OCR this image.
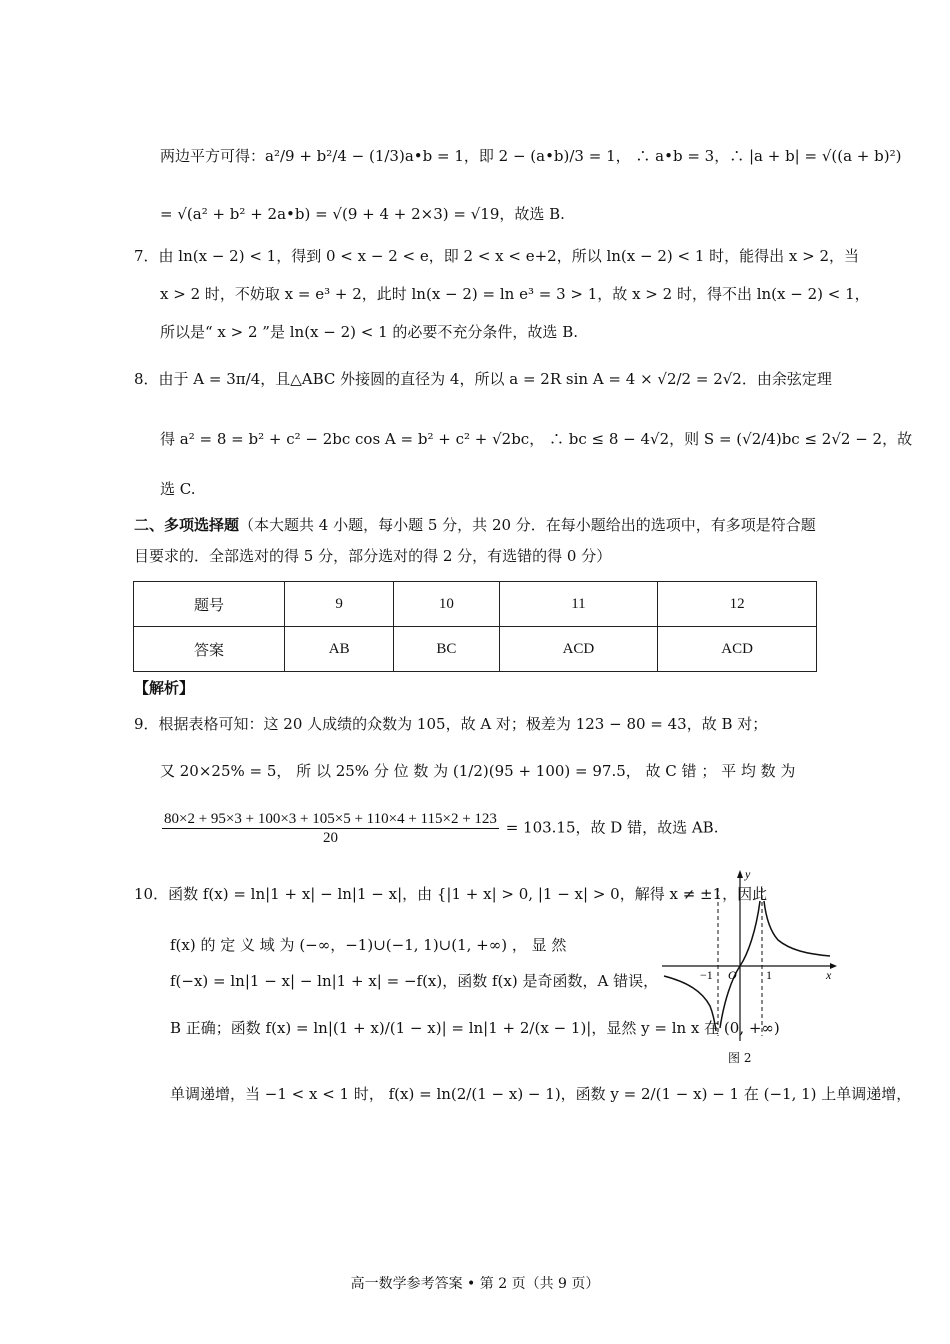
两边平方可得：a²/9 + b²/4 − (1/3)a•b = 1，即 2 − (a•b)/3 = 1， ∴ a•b = 3，∴ |a + b| = √((a + b)²)
= √(a² + b² + 2a•b) = √(9 + 4 + 2×3) = √19，故选 B.
7．由 ln(x − 2) < 1，得到 0 < x − 2 < e，即 2 < x < e+2，所以 ln(x − 2) < 1 时，能得出 x > 2，当
x > 2 时，不妨取 x = e³ + 2，此时 ln(x − 2) = ln e³ = 3 > 1，故 x > 2 时，得不出 ln(x − 2) < 1，
所以是“ x > 2 ”是 ln(x − 2) < 1 的必要不充分条件，故选 B.
8．由于 A = 3π/4，且△ABC 外接圆的直径为 4，所以 a = 2R sin A = 4 × √2/2 = 2√2．由余弦定理
得 a² = 8 = b² + c² − 2bc cos A = b² + c² + √2bc， ∴ bc ≤ 8 − 4√2，则 S = (√2/4)bc ≤ 2√2 − 2，故
选 C.
二、多项选择题（本大题共 4 小题，每小题 5 分，共 20 分．在每小题给出的选项中，有多项是符合题目要求的．全部选对的得 5 分，部分选对的得 2 分，有选错的得 0 分）
题号	9	10	11	12
答案	AB	BC	ACD	ACD
【解析】
9．根据表格可知：这 20 人成绩的众数为 105，故 A 对；极差为 123 − 80 = 43，故 B 对；
又 20×25% = 5， 所 以 25% 分 位 数 为 (1/2)(95 + 100) = 97.5， 故 C 错 ； 平 均 数 为
$\frac{80\times 2 + 95\times 3 + 100\times 3 + 105\times 5 + 110\times 4 + 115\times 2 + 123}{20} = 103.15$，故 D 错，故选 AB.
10．函数 f(x) = ln|1 + x| − ln|1 − x|，由 {|1 + x| > 0, |1 − x| > 0，解得 x ≠ ±1，因此
f(x) 的 定 义 域 为 (−∞，−1)∪(−1, 1)∪(1, +∞) ， 显 然
f(−x) = ln|1 − x| − ln|1 + x| = −f(x)，函数 f(x) 是奇函数，A 错误，
B 正确；函数 f(x) = ln|(1 + x)/(1 − x)| = ln|1 + 2/(x − 1)|，显然 y = ln x 在 (0, +∞)
单调递增，当 −1 < x < 1 时， f(x) = ln(2/(1 − x) − 1)，函数 y = 2/(1 − x) − 1 在 (−1, 1) 上单调递增，
y
x
O
−1	1
图 2
高一数学参考答案 • 第 2 页（共 9 页）
